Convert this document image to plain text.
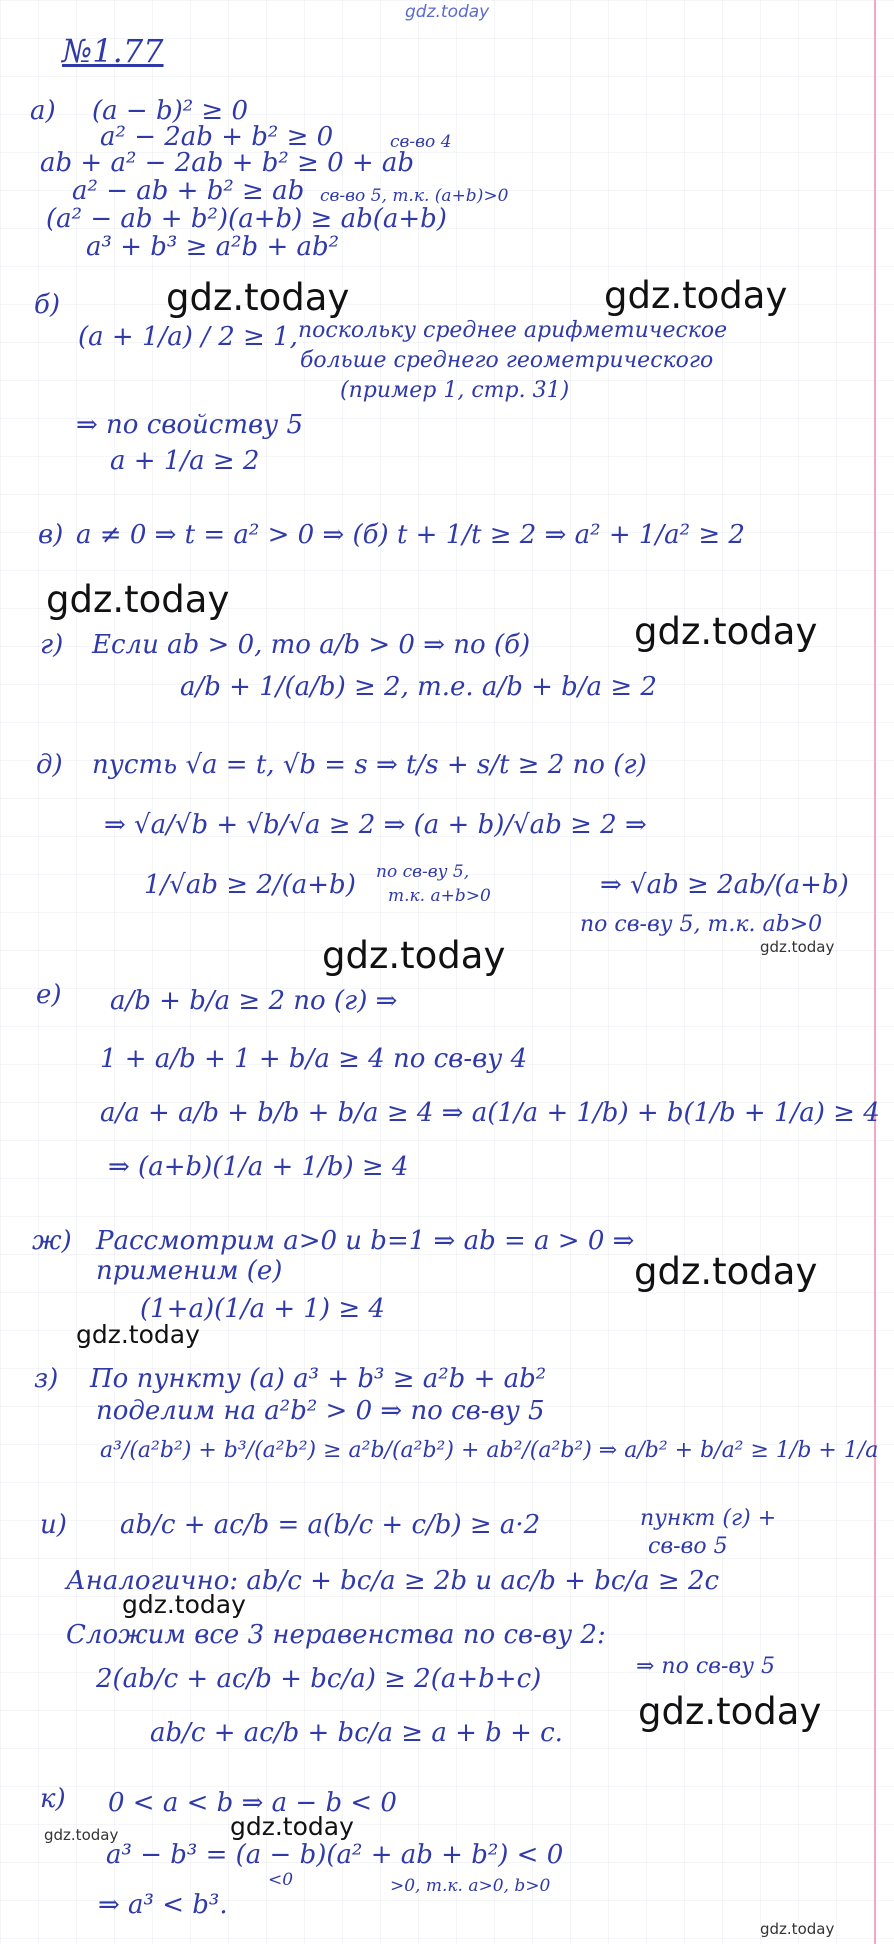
gdz.today
№1.77
а) (a − b)² ≥ 0
a² − 2ab + b² ≥ 0	св-во 4
ab + a² − 2ab + b² ≥ 0 + ab
a² − ab + b² ≥ ab св-во 5, т.к. (a+b)>0
(a² − ab + b²)(a+b) ≥ ab(a+b)
a³ + b³ ≥ a²b + ab²
б)
(a + 1/a) / 2 ≥ 1, поскольку среднее арифметическое
больше среднего геометрического
(пример 1, стр. 31)
⇒ по свойству 5
a + 1/a ≥ 2
в) a ≠ 0 ⇒ t = a² > 0 ⇒ (б) t + 1/t ≥ 2 ⇒ a² + 1/a² ≥ 2
г) Если ab > 0, то a/b > 0 ⇒ по (б)
a/b + 1/(a/b) ≥ 2, т.е. a/b + b/a ≥ 2
д) пусть √a = t, √b = s ⇒ t/s + s/t ≥ 2 по (г)
⇒ √a/√b + √b/√a ≥ 2 ⇒ (a + b)/√ab ≥ 2 ⇒
1/√ab ≥ 2/(a+b) по св-ву 5,
т.к. a+b>0	⇒ √ab ≥ 2ab/(a+b)
по св-ву 5, т.к. ab>0
е) a/b + b/a ≥ 2 по (г) ⇒
1 + a/b + 1 + b/a ≥ 4 по св-ву 4
a/a + a/b + b/b + b/a ≥ 4 ⇒ a(1/a + 1/b) + b(1/b + 1/a) ≥ 4
⇒ (a+b)(1/a + 1/b) ≥ 4
ж) Рассмотрим a>0 и b=1 ⇒ ab = a > 0 ⇒
применим (е)
(1+a)(1/a + 1) ≥ 4
з) По пункту (а) a³ + b³ ≥ a²b + ab²
поделим на a²b² > 0 ⇒ по св-ву 5
a³/(a²b²) + b³/(a²b²) ≥ a²b/(a²b²) + ab²/(a²b²) ⇒ a/b² + b/a² ≥ 1/b + 1/a
и) ab/c + ac/b = a(b/c + c/b) ≥ a·2	пункт (г) +
св-во 5
Аналогично: ab/c + bc/a ≥ 2b и ac/b + bc/a ≥ 2c
Сложим все 3 неравенства по св-ву 2:
2(ab/c + ac/b + bc/a) ≥ 2(a+b+c)	⇒ по св-ву 5
ab/c + ac/b + bc/a ≥ a + b + c.
к) 0 < a < b ⇒ a − b < 0
a³ − b³ = (a − b)(a² + ab + b²) < 0
<0	>0, т.к. a>0, b>0
⇒ a³ < b³.
gdz.today	gdz.today
gdz.today
gdz.today
gdz.today	gdz.today
gdz.today
gdz.today
gdz.today
gdz.today
gdz.today
gdz.today
gdz.today
